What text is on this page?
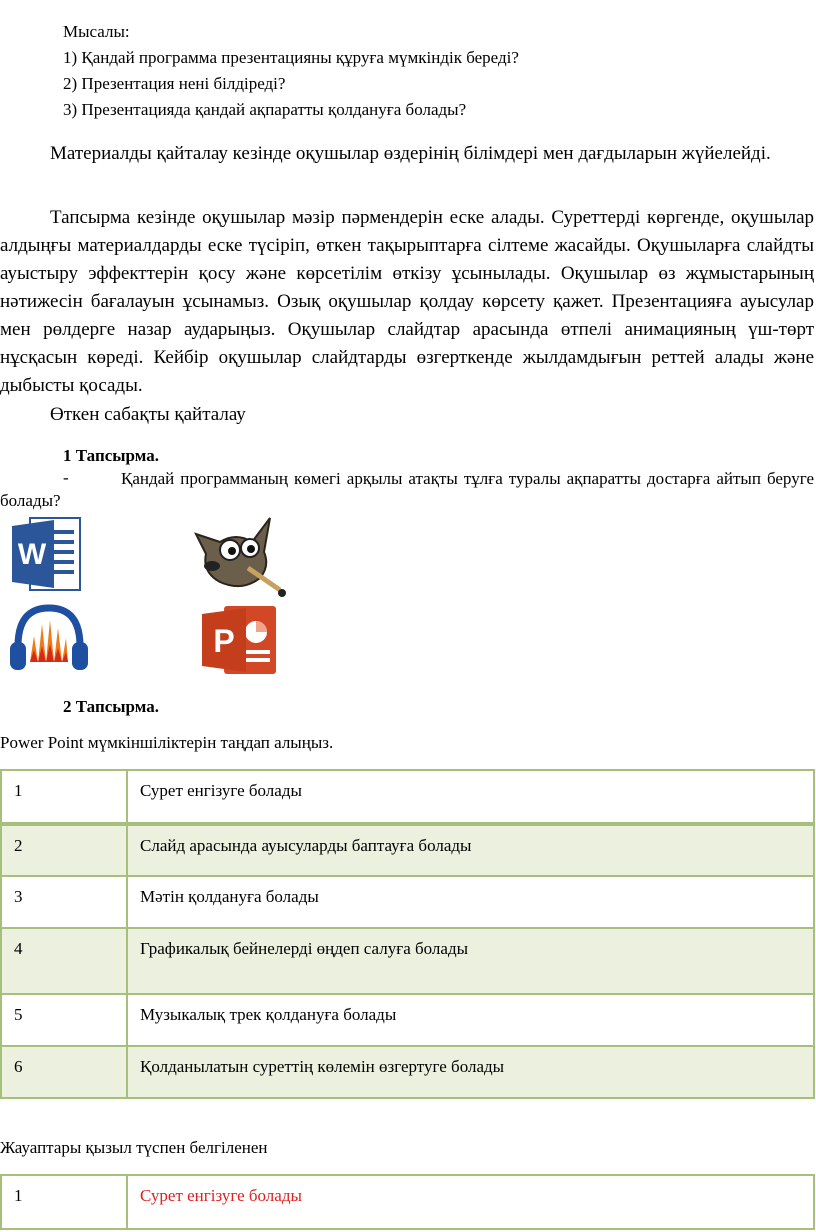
Мысалы:
1) Қандай программа презентацияны құруға мүмкіндік береді?
2) Презентация нені білдіреді?
3) Презентацияда қандай ақпаратты қолдануға болады?
Материалды қайталау кезінде оқушылар өздерінің білімдері мен дағдыларын жүйелейді.
Тапсырма кезінде оқушылар мәзір пәрмендерін еске алады. Суреттерді көргенде, оқушылар алдыңғы материалдарды еске түсіріп, өткен тақырыптарға сілтеме жасайды. Оқушыларға слайдты ауыстыру эффекттерін қосу және көрсетілім өткізу ұсынылады. Оқушылар өз жұмыстарының нәтижесін бағалауын ұсынамыз. Озық оқушылар қолдау көрсету қажет. Презентацияға ауысулар мен рөлдерге назар аударыңыз. Оқушылар слайдтар арасында өтпелі анимацияның үш-төрт нұсқасын көреді. Кейбір оқушылар слайдтарды өзгерткенде жылдамдығын реттей алады және дыбысты қосады.
Өткен сабақты қайталау
1 Тапсырма.
-	Қандай программаның көмегі арқылы атақты тұлға туралы ақпаратты достарға айтып беруге болады?
W
P
2 Тапсырма.
Power Point мүмкіншіліктерін таңдап алыңыз.
1	Сурет енгізуге болады
2	Слайд арасында ауысуларды баптауға болады
3	Мәтін қолдануға болады
4	Графикалық бейнелерді өңдеп салуға болады
5	Музыкалық трек қолдануға болады
6	Қолданылатын суреттің көлемін өзгертуге болады
Жауаптары қызыл түспен белгіленен
1	Сурет енгізуге болады
